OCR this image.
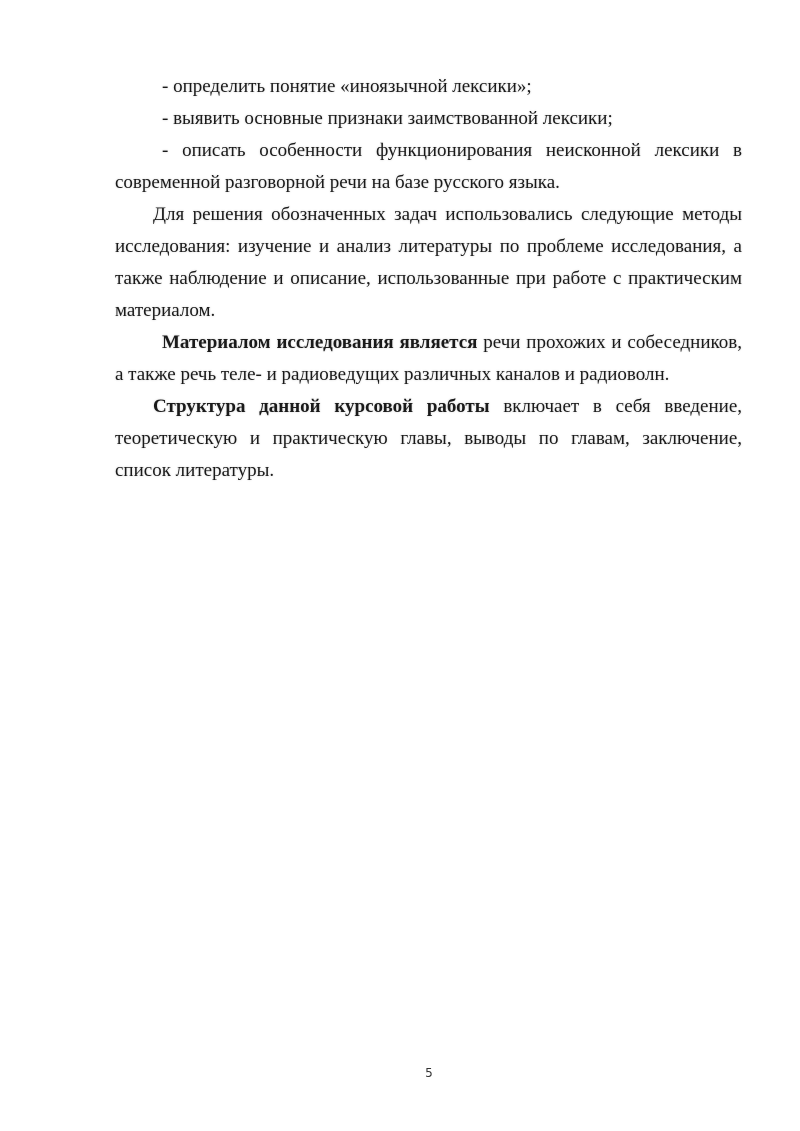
- определить понятие «иноязычной лексики»;

- выявить основные признаки заимствованной лексики;

- описать особенности функционирования неисконной лексики в современной разговорной речи на базе русского языка.

Для решения обозначенных задач использовались следующие методы исследования: изучение и анализ литературы по проблеме исследования, а также наблюдение и описание, использованные при работе с практическим материалом.

Материалом исследования является речи прохожих и собеседников, а также речь теле- и радиоведущих различных каналов и радиоволн.

Структура данной курсовой работы включает в себя введение, теоретическую и практическую главы, выводы по главам, заключение, список литературы.

5
